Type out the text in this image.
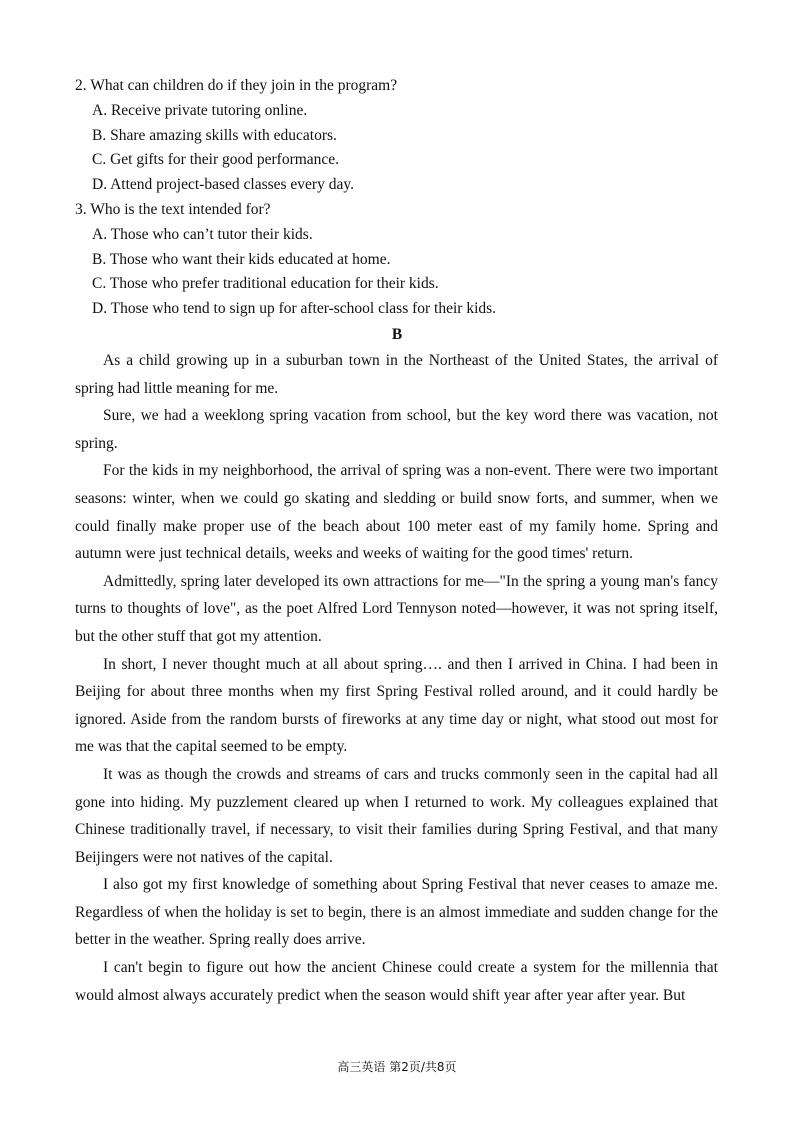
2. What can children do if they join in the program?
A. Receive private tutoring online.
B. Share amazing skills with educators.
C. Get gifts for their good performance.
D. Attend project-based classes every day.
3. Who is the text intended for?
A. Those who can’t tutor their kids.
B. Those who want their kids educated at home.
C. Those who prefer traditional education for their kids.
D. Those who tend to sign up for after-school class for their kids.
B

As a child growing up in a suburban town in the Northeast of the United States, the arrival of spring had little meaning for me.

Sure, we had a weeklong spring vacation from school, but the key word there was vacation, not spring.

For the kids in my neighborhood, the arrival of spring was a non-event. There were two important seasons: winter, when we could go skating and sledding or build snow forts, and summer, when we could finally make proper use of the beach about 100 meter east of my family home. Spring and autumn were just technical details, weeks and weeks of waiting for the good times' return.

Admittedly, spring later developed its own attractions for me—"In the spring a young man's fancy turns to thoughts of love", as the poet Alfred Lord Tennyson noted—however, it was not spring itself, but the other stuff that got my attention.

In short, I never thought much at all about spring…. and then I arrived in China. I had been in Beijing for about three months when my first Spring Festival rolled around, and it could hardly be ignored. Aside from the random bursts of fireworks at any time day or night, what stood out most for me was that the capital seemed to be empty.

It was as though the crowds and streams of cars and trucks commonly seen in the capital had all gone into hiding. My puzzlement cleared up when I returned to work. My colleagues explained that Chinese traditionally travel, if necessary, to visit their families during Spring Festival, and that many Beijingers were not natives of the capital.

I also got my first knowledge of something about Spring Festival that never ceases to amaze me. Regardless of when the holiday is set to begin, there is an almost immediate and sudden change for the better in the weather. Spring really does arrive.

I can't begin to figure out how the ancient Chinese could create a system for the millennia that would almost always accurately predict when the season would shift year after year after year. But

高三英语 第2页/共8页
